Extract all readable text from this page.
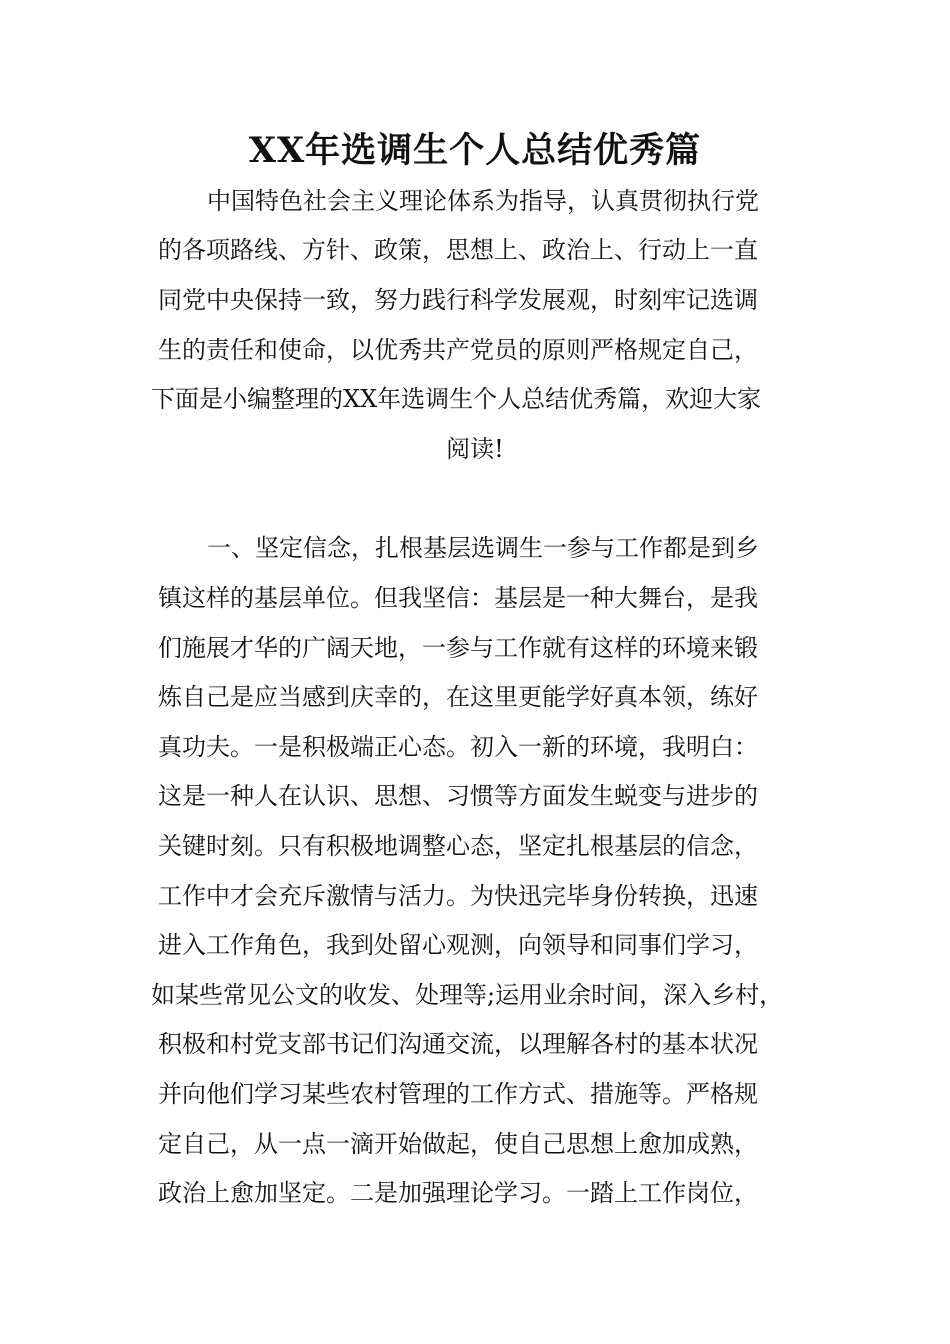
XX年选调生个人总结优秀篇
中国特色社会主义理论体系为指导，认真贯彻执行党
的各项路线、方针、政策，思想上、政治上、行动上一直
同党中央保持一致，努力践行科学发展观，时刻牢记选调
生的责任和使命，以优秀共产党员的原则严格规定自己，
下面是小编整理的XX年选调生个人总结优秀篇，欢迎大家
阅读!
一、坚定信念，扎根基层选调生一参与工作都是到乡
镇这样的基层单位。但我坚信：基层是一种大舞台，是我
们施展才华的广阔天地，一参与工作就有这样的环境来锻
炼自己是应当感到庆幸的，在这里更能学好真本领，练好
真功夫。一是积极端正心态。初入一新的环境，我明白：
这是一种人在认识、思想、习惯等方面发生蜕变与进步的
关键时刻。只有积极地调整心态，坚定扎根基层的信念，
工作中才会充斥激情与活力。为快迅完毕身份转换，迅速
进入工作角色，我到处留心观测，向领导和同事们学习，
如某些常见公文的收发、处理等;运用业余时间，深入乡村，
积极和村党支部书记们沟通交流，以理解各村的基本状况
并向他们学习某些农村管理的工作方式、措施等。严格规
定自己，从一点一滴开始做起，使自己思想上愈加成熟，
政治上愈加坚定。二是加强理论学习。一踏上工作岗位，
